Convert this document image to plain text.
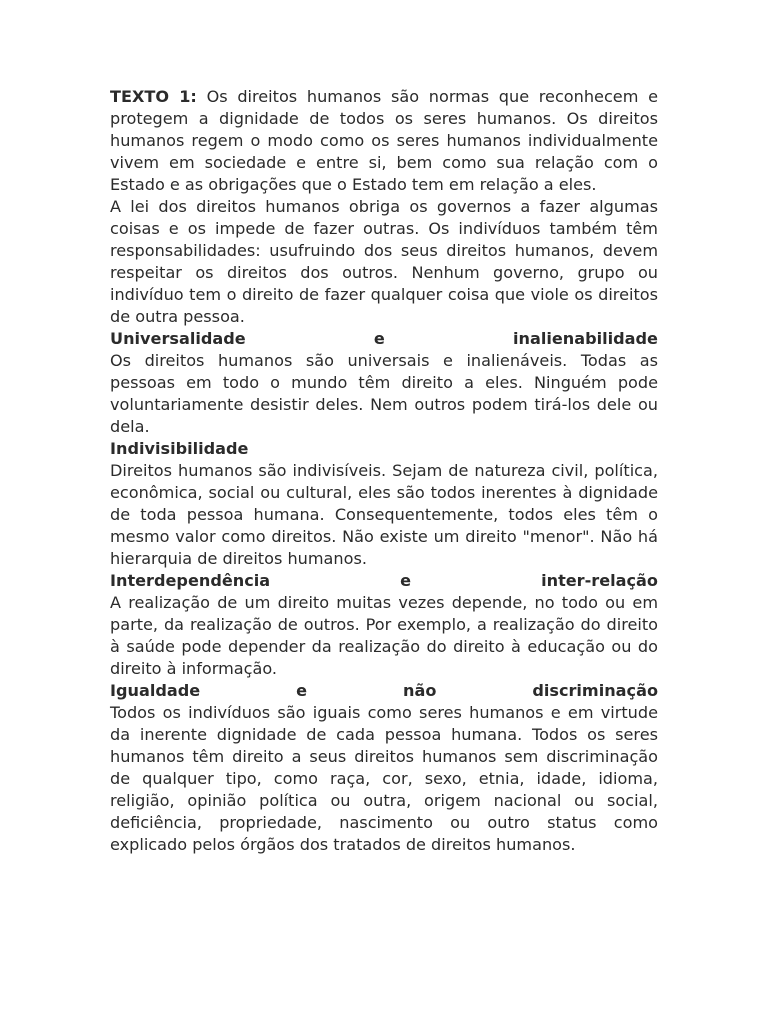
TEXTO 1: Os direitos humanos são normas que reconhecem e protegem a dignidade de todos os seres humanos. Os direitos humanos regem o modo como os seres humanos individualmente vivem em sociedade e entre si, bem como sua relação com o Estado e as obrigações que o Estado tem em relação a eles.

A lei dos direitos humanos obriga os governos a fazer algumas coisas e os impede de fazer outras. Os indivíduos também têm responsabilidades: usufruindo dos seus direitos humanos, devem respeitar os direitos dos outros. Nenhum governo, grupo ou indivíduo tem o direito de fazer qualquer coisa que viole os direitos de outra pessoa.

Universalidade	e	inalienabilidade

Os direitos humanos são universais e inalienáveis. Todas as pessoas em todo o mundo têm direito a eles. Ninguém pode voluntariamente desistir deles. Nem outros podem tirá-los dele ou dela.

Indivisibilidade

Direitos humanos são indivisíveis. Sejam de natureza civil, política, econômica, social ou cultural, eles são todos inerentes à dignidade de toda pessoa humana. Consequentemente, todos eles têm o mesmo valor como direitos. Não existe um direito "menor". Não há hierarquia de direitos humanos.

Interdependência	e	inter-relação

A realização de um direito muitas vezes depende, no todo ou em parte, da realização de outros. Por exemplo, a realização do direito à saúde pode depender da realização do direito à educação ou do direito à informação.

Igualdade	e	não	discriminação

Todos os indivíduos são iguais como seres humanos e em virtude da inerente dignidade de cada pessoa humana. Todos os seres humanos têm direito a seus direitos humanos sem discriminação de qualquer tipo, como raça, cor, sexo, etnia, idade, idioma, religião, opinião política ou outra, origem nacional ou social, deficiência, propriedade, nascimento ou outro status como explicado pelos órgãos dos tratados de direitos humanos.
